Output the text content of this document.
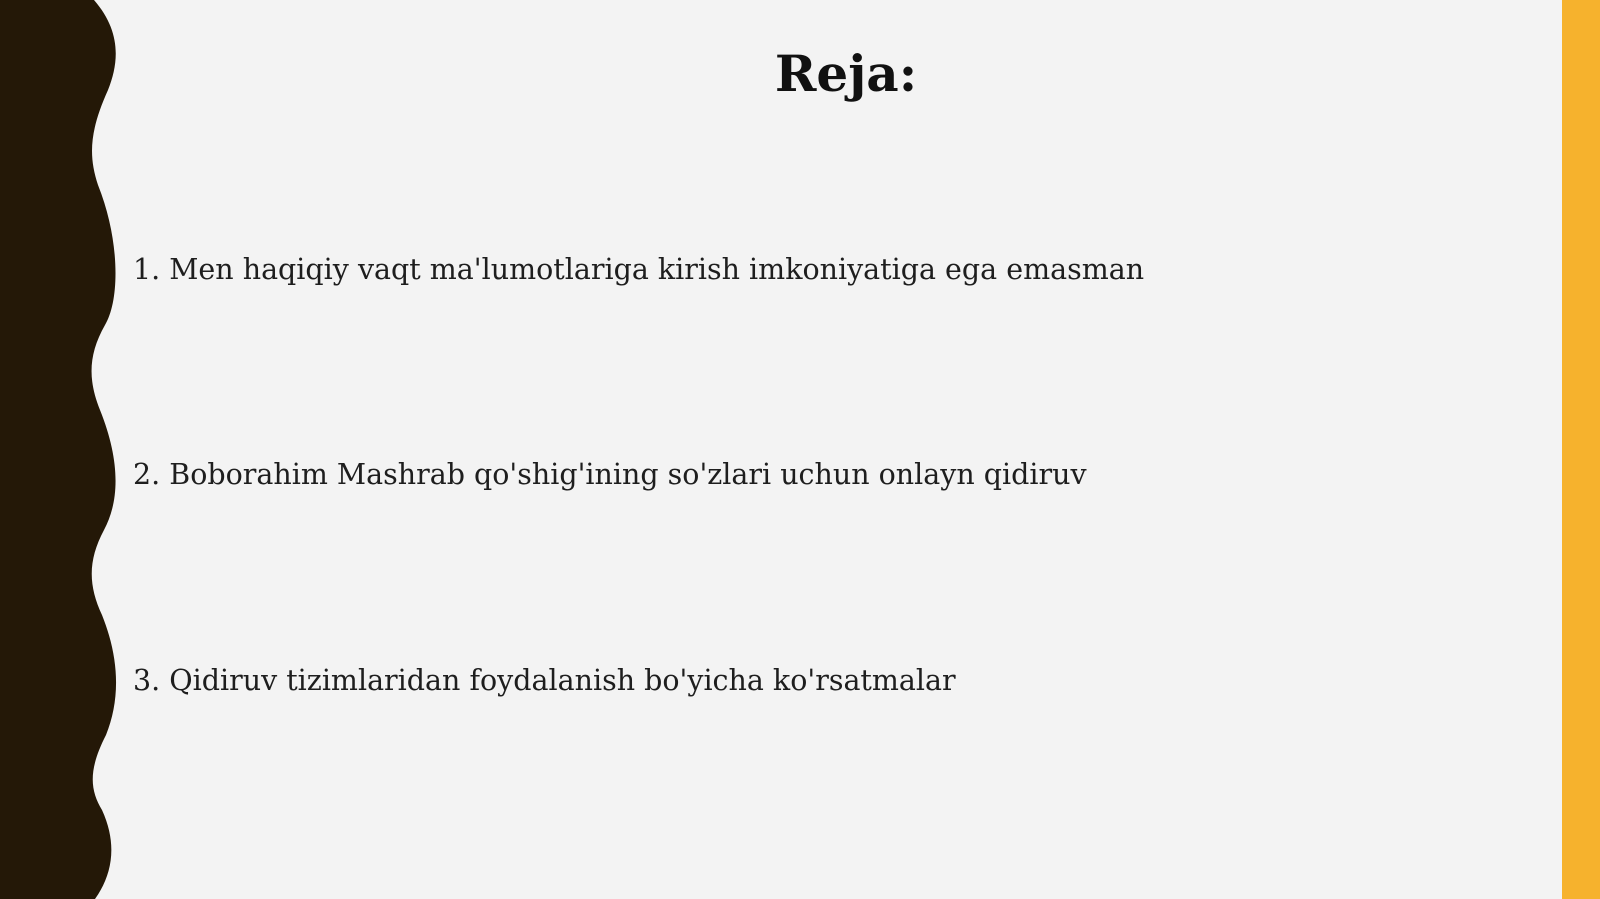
Reja:
1. Men haqiqiy vaqt ma'lumotlariga kirish imkoniyatiga ega emasman
2. Boborahim Mashrab qo'shig'ining so'zlari uchun onlayn qidiruv
3. Qidiruv tizimlaridan foydalanish bo'yicha ko'rsatmalar
